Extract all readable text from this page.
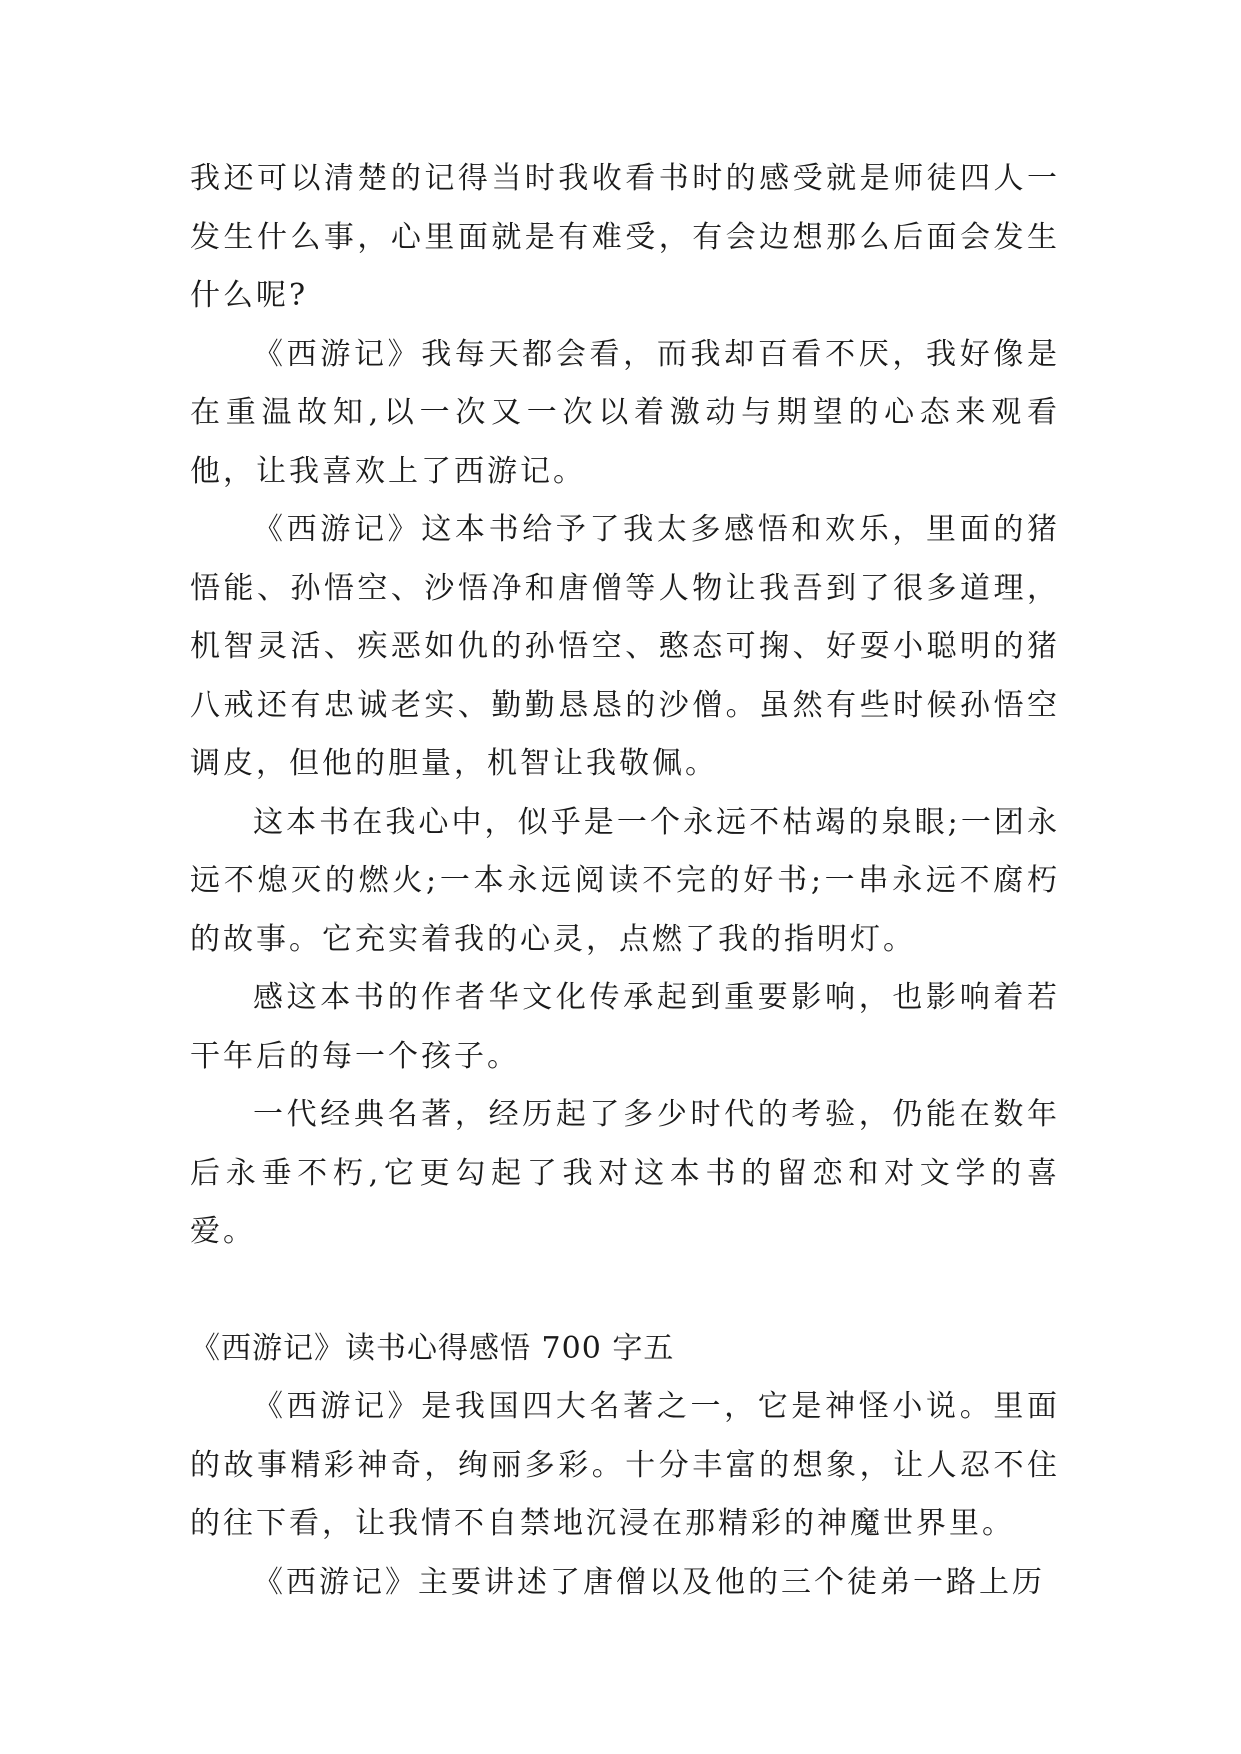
我还可以清楚的记得当时我收看书时的感受就是师徒四人一发生什么事，心里面就是有难受，有会边想那么后面会发生什么呢?

《西游记》我每天都会看，而我却百看不厌，我好像是在重温故知,以一次又一次以着激动与期望的心态来观看他，让我喜欢上了西游记。

《西游记》这本书给予了我太多感悟和欢乐，里面的猪悟能、孙悟空、沙悟净和唐僧等人物让我吾到了很多道理，机智灵活、疾恶如仇的孙悟空、憨态可掬、好耍小聪明的猪八戒还有忠诚老实、勤勤恳恳的沙僧。虽然有些时候孙悟空调皮，但他的胆量，机智让我敬佩。

这本书在我心中，似乎是一个永远不枯竭的泉眼;一团永远不熄灭的燃火;一本永远阅读不完的好书;一串永远不腐朽的故事。它充实着我的心灵，点燃了我的指明灯。

感这本书的作者华文化传承起到重要影响，也影响着若干年后的每一个孩子。

一代经典名著，经历起了多少时代的考验，仍能在数年后永垂不朽,它更勾起了我对这本书的留恋和对文学的喜爱。

《西游记》读书心得感悟 700 字五

《西游记》是我国四大名著之一，它是神怪小说。里面的故事精彩神奇，绚丽多彩。十分丰富的想象，让人忍不住的往下看，让我情不自禁地沉浸在那精彩的神魔世界里。

《西游记》主要讲述了唐僧以及他的三个徒弟一路上历
